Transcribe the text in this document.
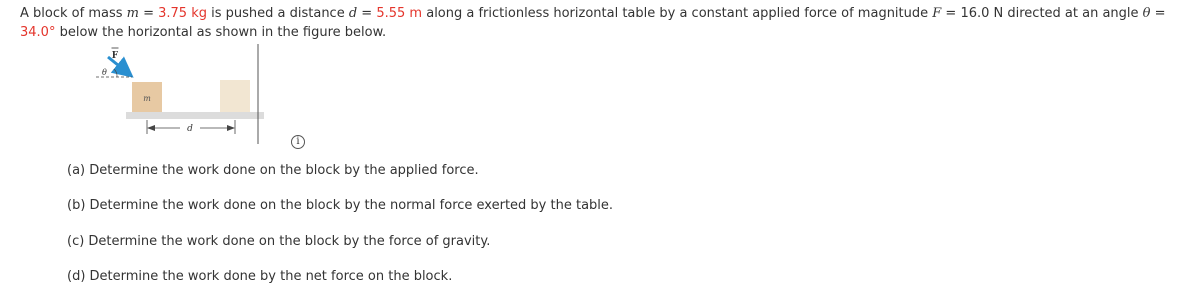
A block of mass m = 3.75 kg is pushed a distance d = 5.55 m along a frictionless horizontal table by a constant applied force of magnitude F = 16.0 N directed at an angle θ = 34.0° below the horizontal as shown in the figure below.
m
F
θ
d
i
(a) Determine the work done on the block by the applied force.
(b) Determine the work done on the block by the normal force exerted by the table.
(c) Determine the work done on the block by the force of gravity.
(d) Determine the work done by the net force on the block.
